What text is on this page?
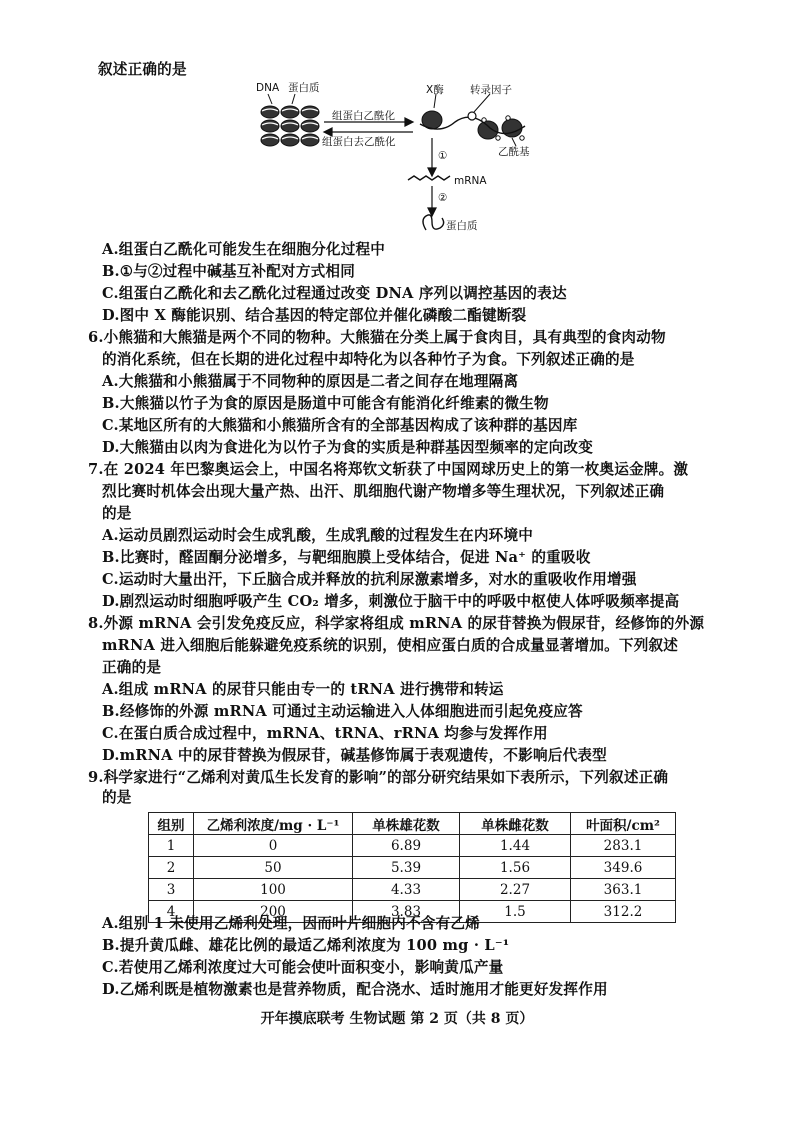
叙述正确的是
DNA 蛋白质	X酶	转录因子
组蛋白乙酰化
组蛋白去乙酰化
乙酰基
①
mRNA
②
蛋白质
A.组蛋白乙酰化可能发生在细胞分化过程中
B.①与②过程中碱基互补配对方式相同
C.组蛋白乙酰化和去乙酰化过程通过改变 DNA 序列以调控基因的表达
D.图中 X 酶能识别、结合基因的特定部位并催化磷酸二酯键断裂
6.小熊猫和大熊猫是两个不同的物种。大熊猫在分类上属于食肉目，具有典型的食肉动物
的消化系统，但在长期的进化过程中却特化为以各种竹子为食。下列叙述正确的是
A.大熊猫和小熊猫属于不同物种的原因是二者之间存在地理隔离
B.大熊猫以竹子为食的原因是肠道中可能含有能消化纤维素的微生物
C.某地区所有的大熊猫和小熊猫所含有的全部基因构成了该种群的基因库
D.大熊猫由以肉为食进化为以竹子为食的实质是种群基因型频率的定向改变
7.在 2024 年巴黎奥运会上，中国名将郑钦文斩获了中国网球历史上的第一枚奥运金牌。激
烈比赛时机体会出现大量产热、出汗、肌细胞代谢产物增多等生理状况，下列叙述正确
的是
A.运动员剧烈运动时会生成乳酸，生成乳酸的过程发生在内环境中
B.比赛时，醛固酮分泌增多，与靶细胞膜上受体结合，促进 Na⁺ 的重吸收
C.运动时大量出汗，下丘脑合成并释放的抗利尿激素增多，对水的重吸收作用增强
D.剧烈运动时细胞呼吸产生 CO₂ 增多，刺激位于脑干中的呼吸中枢使人体呼吸频率提高
8.外源 mRNA 会引发免疫反应，科学家将组成 mRNA 的尿苷替换为假尿苷，经修饰的外源
mRNA 进入细胞后能躲避免疫系统的识别，使相应蛋白质的合成量显著增加。下列叙述
正确的是
A.组成 mRNA 的尿苷只能由专一的 tRNA 进行携带和转运
B.经修饰的外源 mRNA 可通过主动运输进入人体细胞进而引起免疫应答
C.在蛋白质合成过程中，mRNA、tRNA、rRNA 均参与发挥作用
D.mRNA 中的尿苷替换为假尿苷，碱基修饰属于表观遗传，不影响后代表型
9.科学家进行“乙烯利对黄瓜生长发育的影响”的部分研究结果如下表所示，下列叙述正确
的是
组别	乙烯利浓度/mg · L⁻¹	单株雄花数	单株雌花数	叶面积/cm²
1	0	6.89	1.44	283.1
2	50	5.39	1.56	349.6
3	100	4.33	2.27	363.1
4	200	3.83	1.5	312.2
A.组别 1 未使用乙烯利处理，因而叶片细胞内不含有乙烯
B.提升黄瓜雌、雄花比例的最适乙烯利浓度为 100 mg · L⁻¹
C.若使用乙烯利浓度过大可能会使叶面积变小，影响黄瓜产量
D.乙烯利既是植物激素也是营养物质，配合浇水、适时施用才能更好发挥作用
开年摸底联考 生物试题 第 2 页（共 8 页）
